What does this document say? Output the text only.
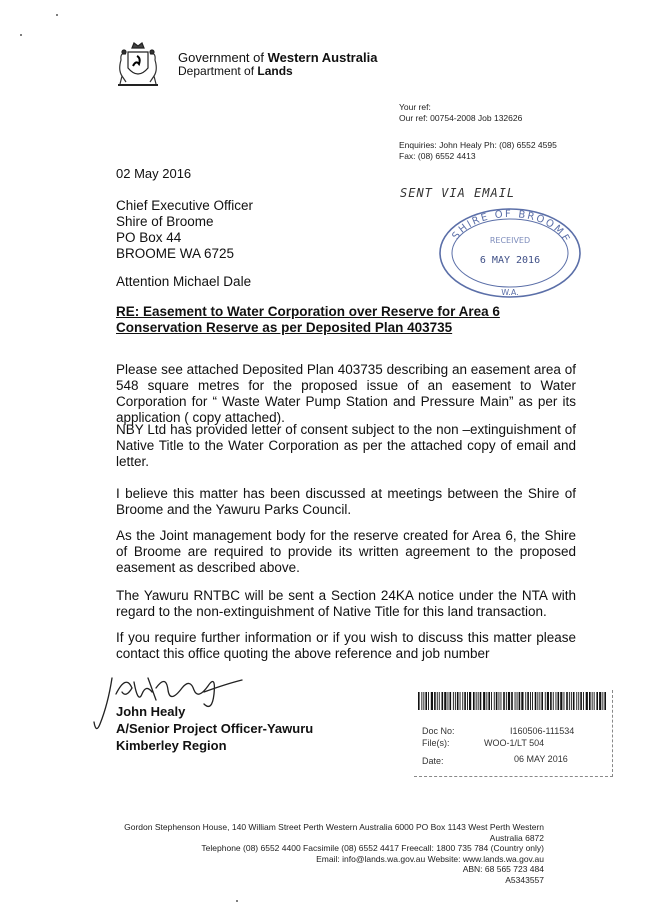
Government of Western Australia
Department of Lands
Your ref:
Our ref: 00754-2008 Job 132626
Enquiries: John Healy Ph: (08) 6552 4595
Fax: (08) 6552 4413
02 May 2016
Chief Executive Officer
Shire of Broome
PO Box 44
BROOME WA 6725
Attention Michael Dale
SENT VIA EMAIL
SHIRE OF BROOME
RECEIVED
6 MAY 2016
W.A.
RE: Easement to Water Corporation over Reserve for Area 6 Conservation Reserve as per Deposited Plan 403735
Please see attached Deposited Plan 403735 describing an easement area of 548 square metres for the proposed issue of an easement to Water Corporation for “ Waste Water Pump Station and Pressure Main” as per its application ( copy attached).
NBY Ltd has provided letter of consent subject to the non –extinguishment of Native Title to the Water Corporation as per the attached copy of email and letter.
I believe this matter has been discussed at meetings between the Shire of Broome and the Yawuru Parks Council.
As the Joint management body for the reserve created for Area 6, the Shire of Broome are required to provide its written agreement to the proposed easement as described above.
The Yawuru RNTBC will be sent a Section 24KA notice under the NTA with regard to the non-extinguishment of Native Title for this land transaction.
If you require further information or if you wish to discuss this matter please contact this office quoting the above reference and job number
John Healy
A/Senior Project Officer-Yawuru
Kimberley Region
Doc No:	I160506-111534
File(s):	WOO-1/LT 504
Date:	06 MAY 2016
Gordon Stephenson House, 140 William Street Perth Western Australia 6000 PO Box 1143 West Perth Western
Australia 6872
Telephone (08) 6552 4400 Facsimile (08) 6552 4417 Freecall: 1800 735 784 (Country only)
Email: info@lands.wa.gov.au Website: www.lands.wa.gov.au
ABN: 68 565 723 484
A5343557
